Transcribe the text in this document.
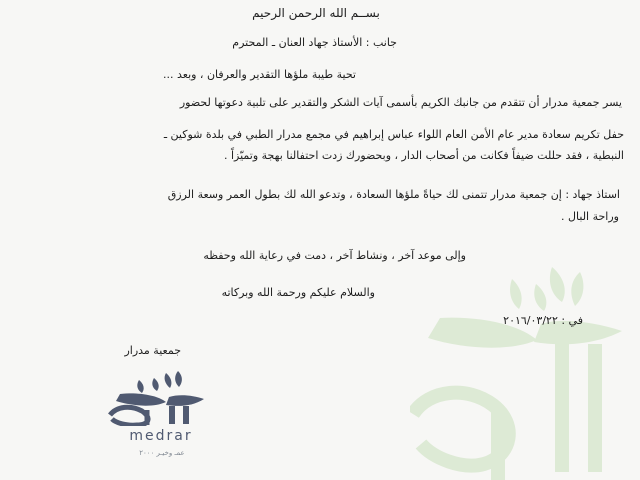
بســم الله الرحمن الرحيم
جانب : الأستاذ جهاد العنان ـ المحترم
تحية طيبة ملؤها التقدير والعرفان ، وبعد ...
يسر جمعية مدرار أن تتقدم من جانبك الكريم بأسمى آيات الشكر والتقدير على تلبية دعوتها لحضور
حفل تكريم سعادة مدير عام الأمن العام اللواء عباس إبراهيم في مجمع مدرار الطبي في بلدة شوكين ـ
النبطية ، فقد حللت ضيفاً فكانت من أصحاب الدار ، وبحضورك زدت احتفالنا بهجة وتميّزاً .
استاذ جهاد : إن جمعية مدرار تتمنى لك حياةً ملؤها السعادة ، وتدعو الله لك بطول العمر وسعة الرزق
وراحة البال .
وإلى موعد آخر ، ونشاط آخر ، دمت في رعاية الله وحفظه
والسلام عليكم ورحمة الله وبركاته
في : ٢٠١٦/٠٣/٢٢
جمعية مدرار
medrar
عمـ وخيـر ٢٠٠٠
